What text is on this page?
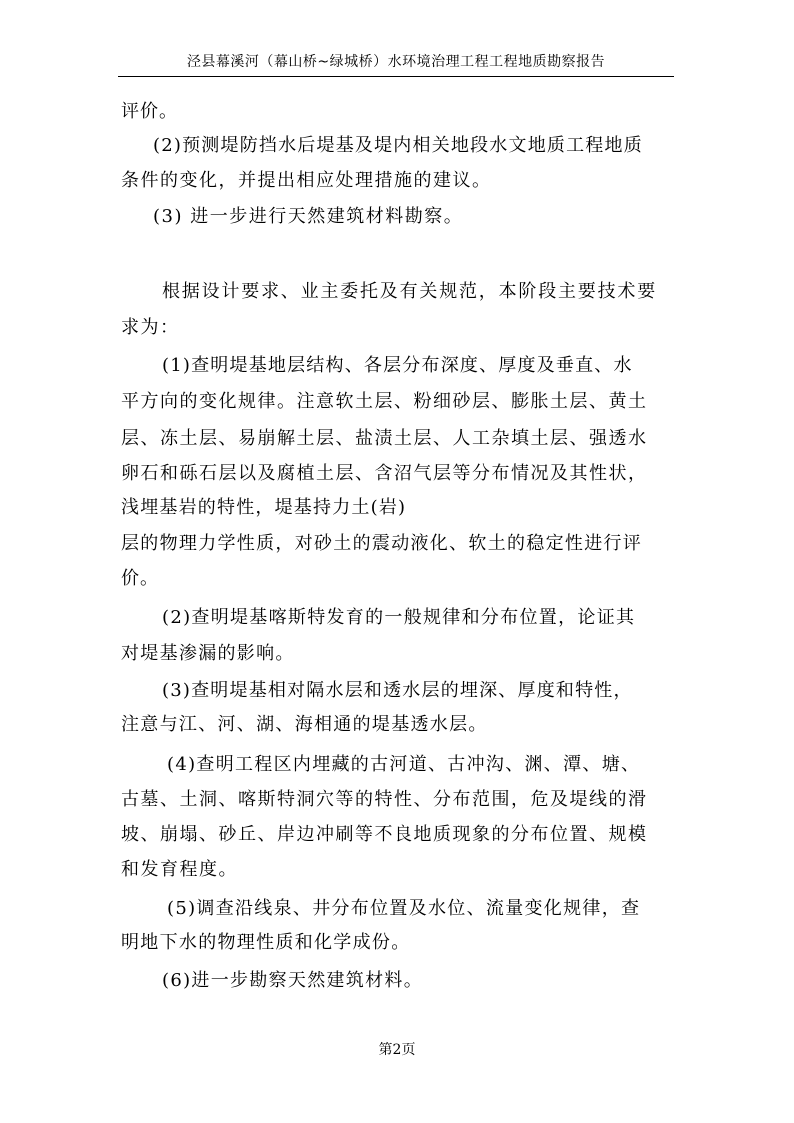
泾县幕溪河（幕山桥~绿城桥）水环境治理工程工程地质勘察报告
评价。
(2)预测堤防挡水后堤基及堤内相关地段水文地质工程地质
条件的变化，并提出相应处理措施的建议。
(3) 进一步进行天然建筑材料勘察。
根据设计要求、业主委托及有关规范，本阶段主要技术要
求为：
(1)查明堤基地层结构、各层分布深度、厚度及垂直、水
平方向的变化规律。注意软土层、粉细砂层、膨胀土层、黄土
层、冻土层、易崩解土层、盐渍土层、人工杂填土层、强透水
卵石和砾石层以及腐植土层、含沼气层等分布情况及其性状，
浅埋基岩的特性，堤基持力土(岩)
层的物理力学性质，对砂土的震动液化、软土的稳定性进行评
价。
(2)查明堤基喀斯特发育的一般规律和分布位置，论证其
对堤基渗漏的影响。
(3)查明堤基相对隔水层和透水层的埋深、厚度和特性，
注意与江、河、湖、海相通的堤基透水层。
(4)查明工程区内埋藏的古河道、古冲沟、渊、潭、塘、
古墓、土洞、喀斯特洞穴等的特性、分布范围，危及堤线的滑
坡、崩塌、砂丘、岸边冲刷等不良地质现象的分布位置、规模
和发育程度。
(5)调查沿线泉、井分布位置及水位、流量变化规律，查
明地下水的物理性质和化学成份。
(6)进一步勘察天然建筑材料。
第2页
